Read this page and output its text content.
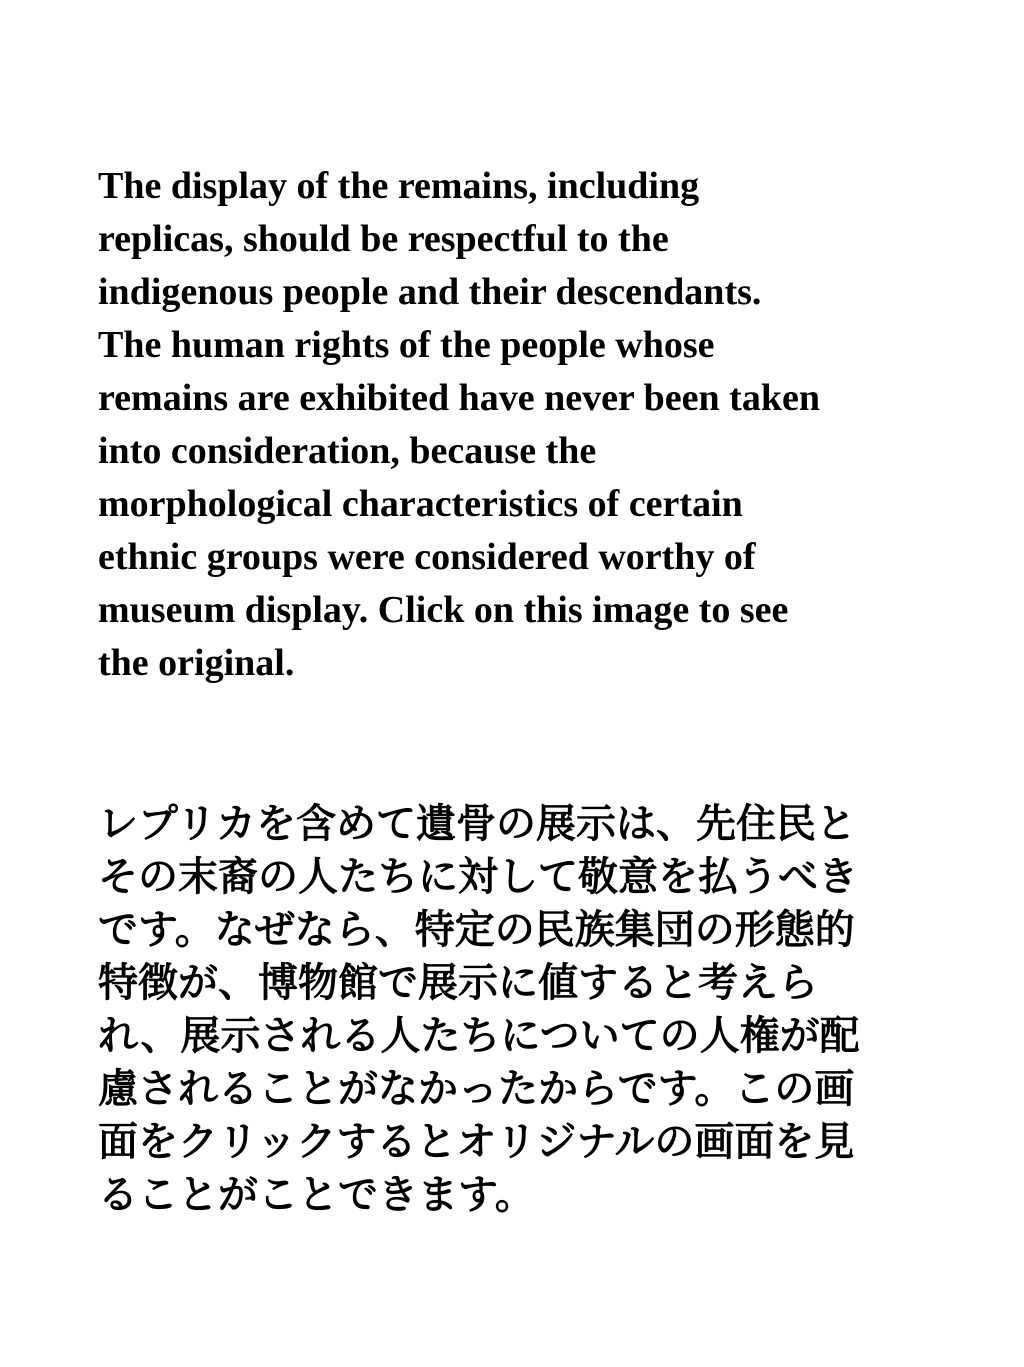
The display of the remains, including
replicas, should be respectful to the
indigenous people and their descendants.
The human rights of the people whose
remains are exhibited have never been taken
into consideration, because the
morphological characteristics of certain
ethnic groups were considered worthy of
museum display. Click on this image to see
the original.

レプリカを含めて遺骨の展示は、先住民と
その末裔の人たちに対して敬意を払うべき
です。なぜなら、特定の民族集団の形態的
特徴が、博物館で展示に値すると考えら
れ、展示される人たちについての人権が配
慮されることがなかったからです。この画
面をクリックするとオリジナルの画面を見
ることがことできます。
